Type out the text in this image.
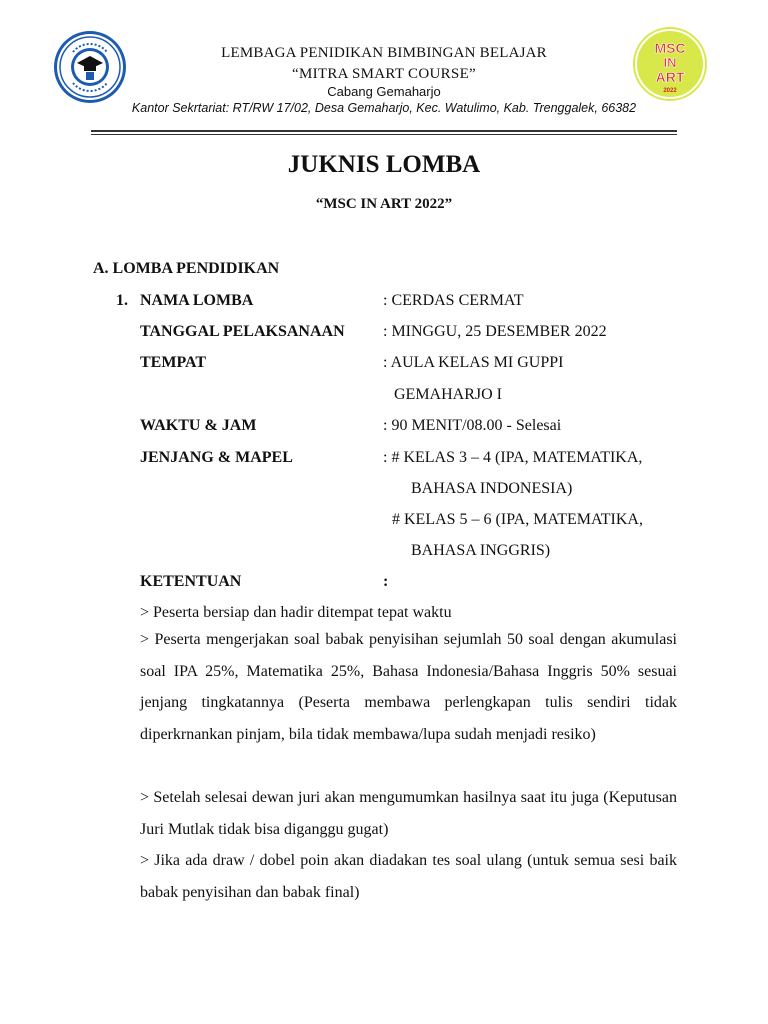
MSC
IN
ART
2022
LEMBAGA PENIDIKAN BIMBINGAN BELAJAR
“MITRA SMART COURSE”
Cabang Gemaharjo
Kantor Sekrtariat: RT/RW 17/02, Desa Gemaharjo, Kec. Watulimo, Kab. Trenggalek, 66382
JUKNIS LOMBA
“MSC IN ART 2022”
A. LOMBA PENDIDIKAN
1. NAMA LOMBA	: CERDAS CERMAT
TANGGAL PELAKSANAAN : MINGGU, 25 DESEMBER 2022
TEMPAT	: AULA KELAS MI GUPPI
GEMAHARJO I
WAKTU & JAM	: 90 MENIT/08.00 - Selesai
JENJANG & MAPEL	: # KELAS 3 – 4 (IPA, MATEMATIKA,
BAHASA INDONESIA)
# KELAS 5 – 6 (IPA, MATEMATIKA,
BAHASA INGGRIS)
KETENTUAN	:
> Peserta bersiap dan hadir ditempat tepat waktu
> Peserta mengerjakan soal babak penyisihan sejumlah 50 soal dengan akumulasi soal IPA 25%, Matematika 25%, Bahasa Indonesia/Bahasa Inggris 50% sesuai jenjang tingkatannya (Peserta membawa perlengkapan tulis sendiri tidak diperkrnankan pinjam, bila tidak membawa/lupa sudah menjadi resiko)
> Setelah selesai dewan juri akan mengumumkan hasilnya saat itu juga (Keputusan Juri Mutlak tidak bisa diganggu gugat)
> Jika ada draw / dobel poin akan diadakan tes soal ulang (untuk semua sesi baik babak penyisihan dan babak final)
